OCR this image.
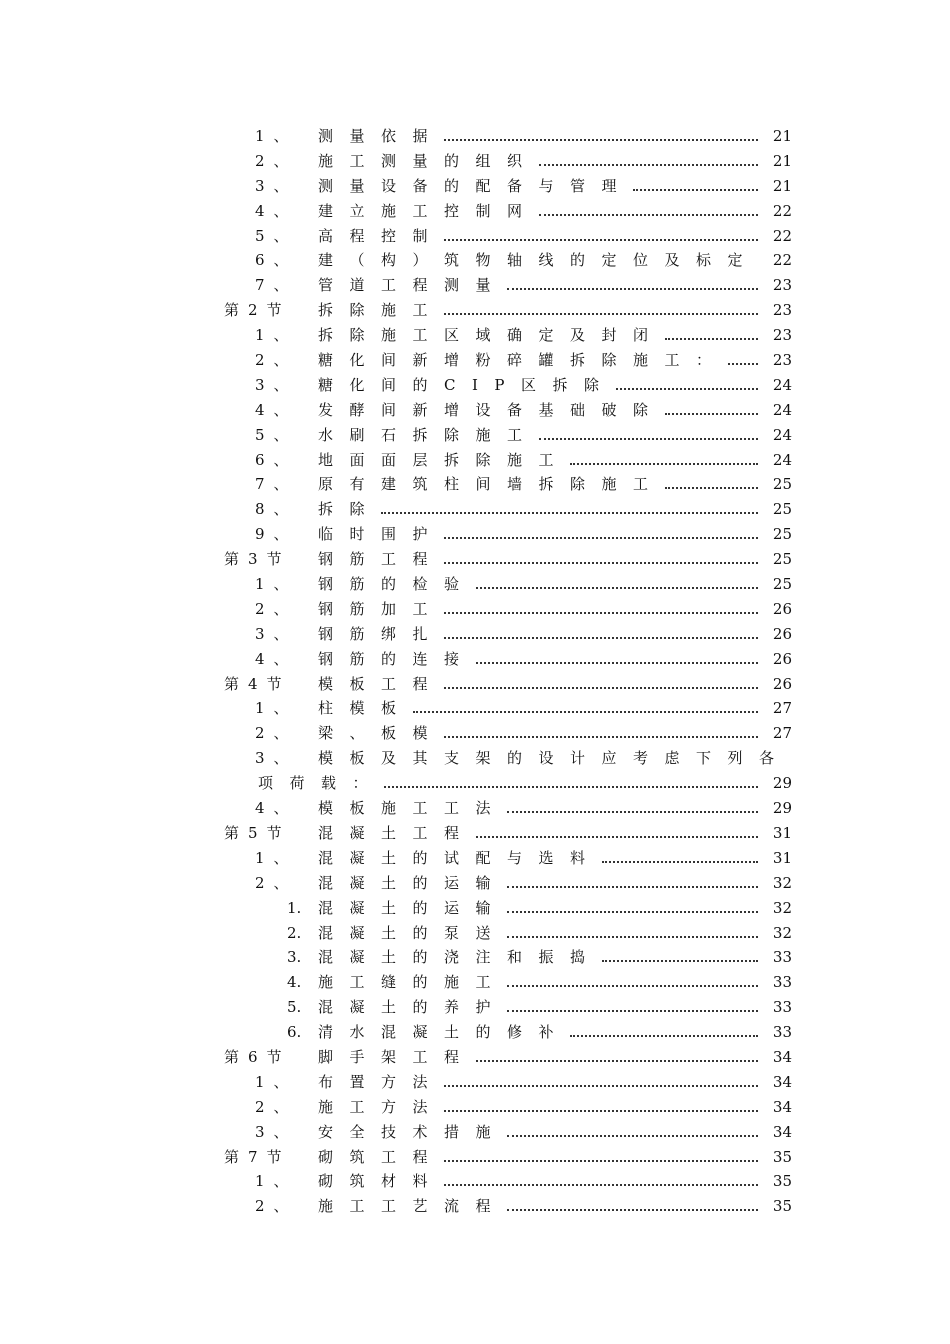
1、 测量依据	21
2、 施工测量的组织	21
3、 测量设备的配备与管理	21
4、 建立施工控制网	22
5、 高程控制	22
6、 建（构）筑物轴线的定位及标定 22
7、 管道工程测量	23
第2节 拆除施工	23
1、 拆除施工区域确定及封闭	23
2、 糖化间新增粉碎罐拆除施工：	23
3、 糖化间的CIP区拆除	24
4、 发酵间新增设备基础破除	24
5、 水刷石拆除施工	24
6、 地面面层拆除施工	24
7、 原有建筑柱间墙拆除施工	25
8、 拆除	25
9、 临时围护	25
第3节 钢筋工程	25
1、 钢筋的检验	25
2、 钢筋加工	26
3、 钢筋绑扎	26
4、 钢筋的连接	26
第4节 模板工程	26
1、 柱模板	27
2、 梁、板模	27
3、 模板及其支架的设计应考虑下列各
项荷载：	29
4、 模板施工工法	29
第5节 混凝土工程	31
1、 混凝土的试配与选料	31
2、 混凝土的运输	32
1. 混凝土的运输	32
2. 混凝土的泵送	32
3. 混凝土的浇注和振捣	33
4. 施工缝的施工	33
5. 混凝土的养护	33
6. 清水混凝土的修补	33
第6节 脚手架工程	34
1、 布置方法	34
2、 施工方法	34
3、 安全技术措施	34
第7节 砌筑工程	35
1、 砌筑材料	35
2、 施工工艺流程	35
